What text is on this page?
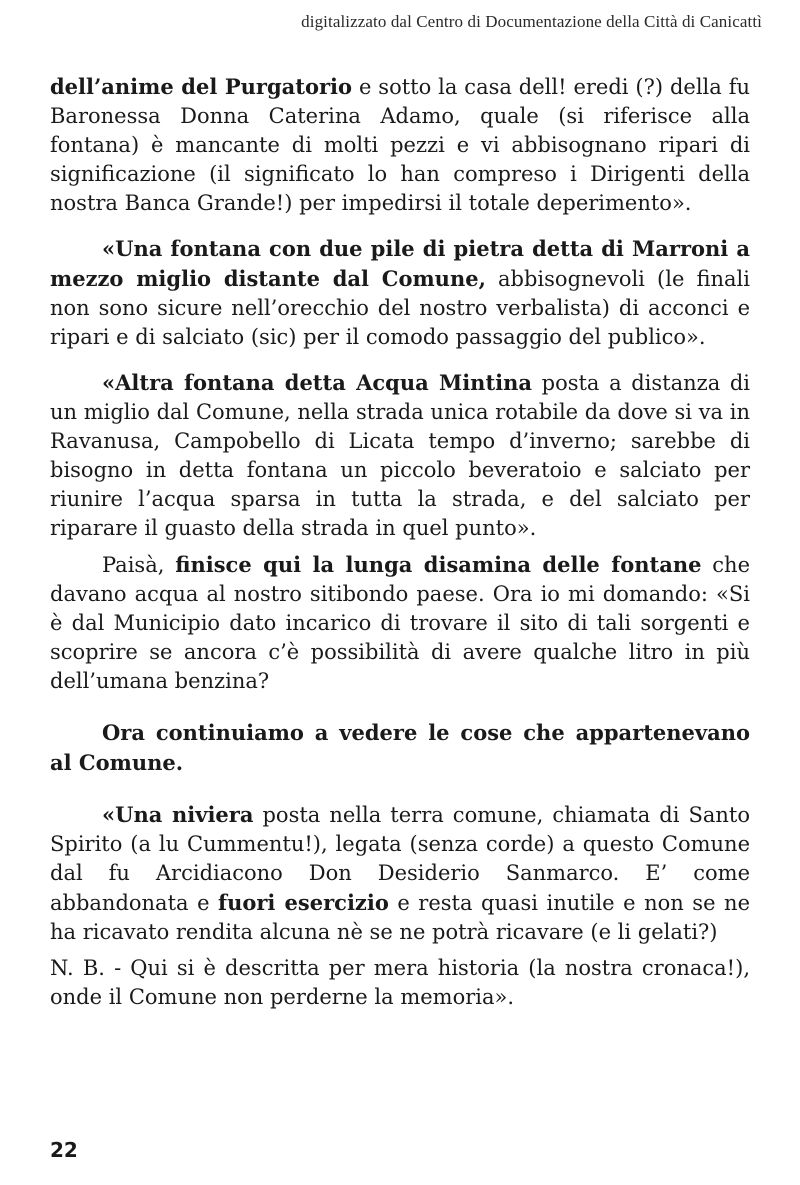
digitalizzato dal Centro di Documentazione della Città di Canicattì

dell’anime del Purgatorio e sotto la casa dell! eredi (?) della fu Baronessa Donna Caterina Adamo, quale (si riferisce alla fontana) è mancante di molti pezzi e vi abbisognano ripari di significazione (il significato lo han compreso i Dirigenti della nostra Banca Grande!) per impedirsi il totale deperimento».

«Una fontana con due pile di pietra detta di Marroni a mezzo miglio distante dal Comune, abbisognevoli (le finali non sono sicure nell’orecchio del nostro verbalista) di acconci e ripari e di salciato (sic) per il comodo passaggio del publico».

«Altra fontana detta Acqua Mintina posta a distanza di un miglio dal Comune, nella strada unica rotabile da dove si va in Ravanusa, Campobello di Licata tempo d’inverno; sarebbe di bisogno in detta fontana un piccolo beveratoio e salciato per riunire l’acqua sparsa in tutta la strada, e del salciato per riparare il guasto della strada in quel punto».

Paisà, finisce qui la lunga disamina delle fontane che davano acqua al nostro sitibondo paese. Ora io mi domando: «Si è dal Municipio dato incarico di trovare il sito di tali sorgenti e scoprire se ancora c’è possibilità di avere qualche litro in più dell’umana benzina?

Ora continuiamo a vedere le cose che appartenevano al Comune.

«Una niviera posta nella terra comune, chiamata di Santo Spirito (a lu Cummentu!), legata (senza corde) a questo Comune dal fu Arcidiacono Don Desiderio Sanmarco. E’ come abbandonata e fuori esercizio e resta quasi inutile e non se ne ha ricavato rendita alcuna nè se ne potrà ricavare (e li gelati?)

N. B. - Qui si è descritta per mera historia (la nostra cronaca!), onde il Comune non perderne la memoria».

22
